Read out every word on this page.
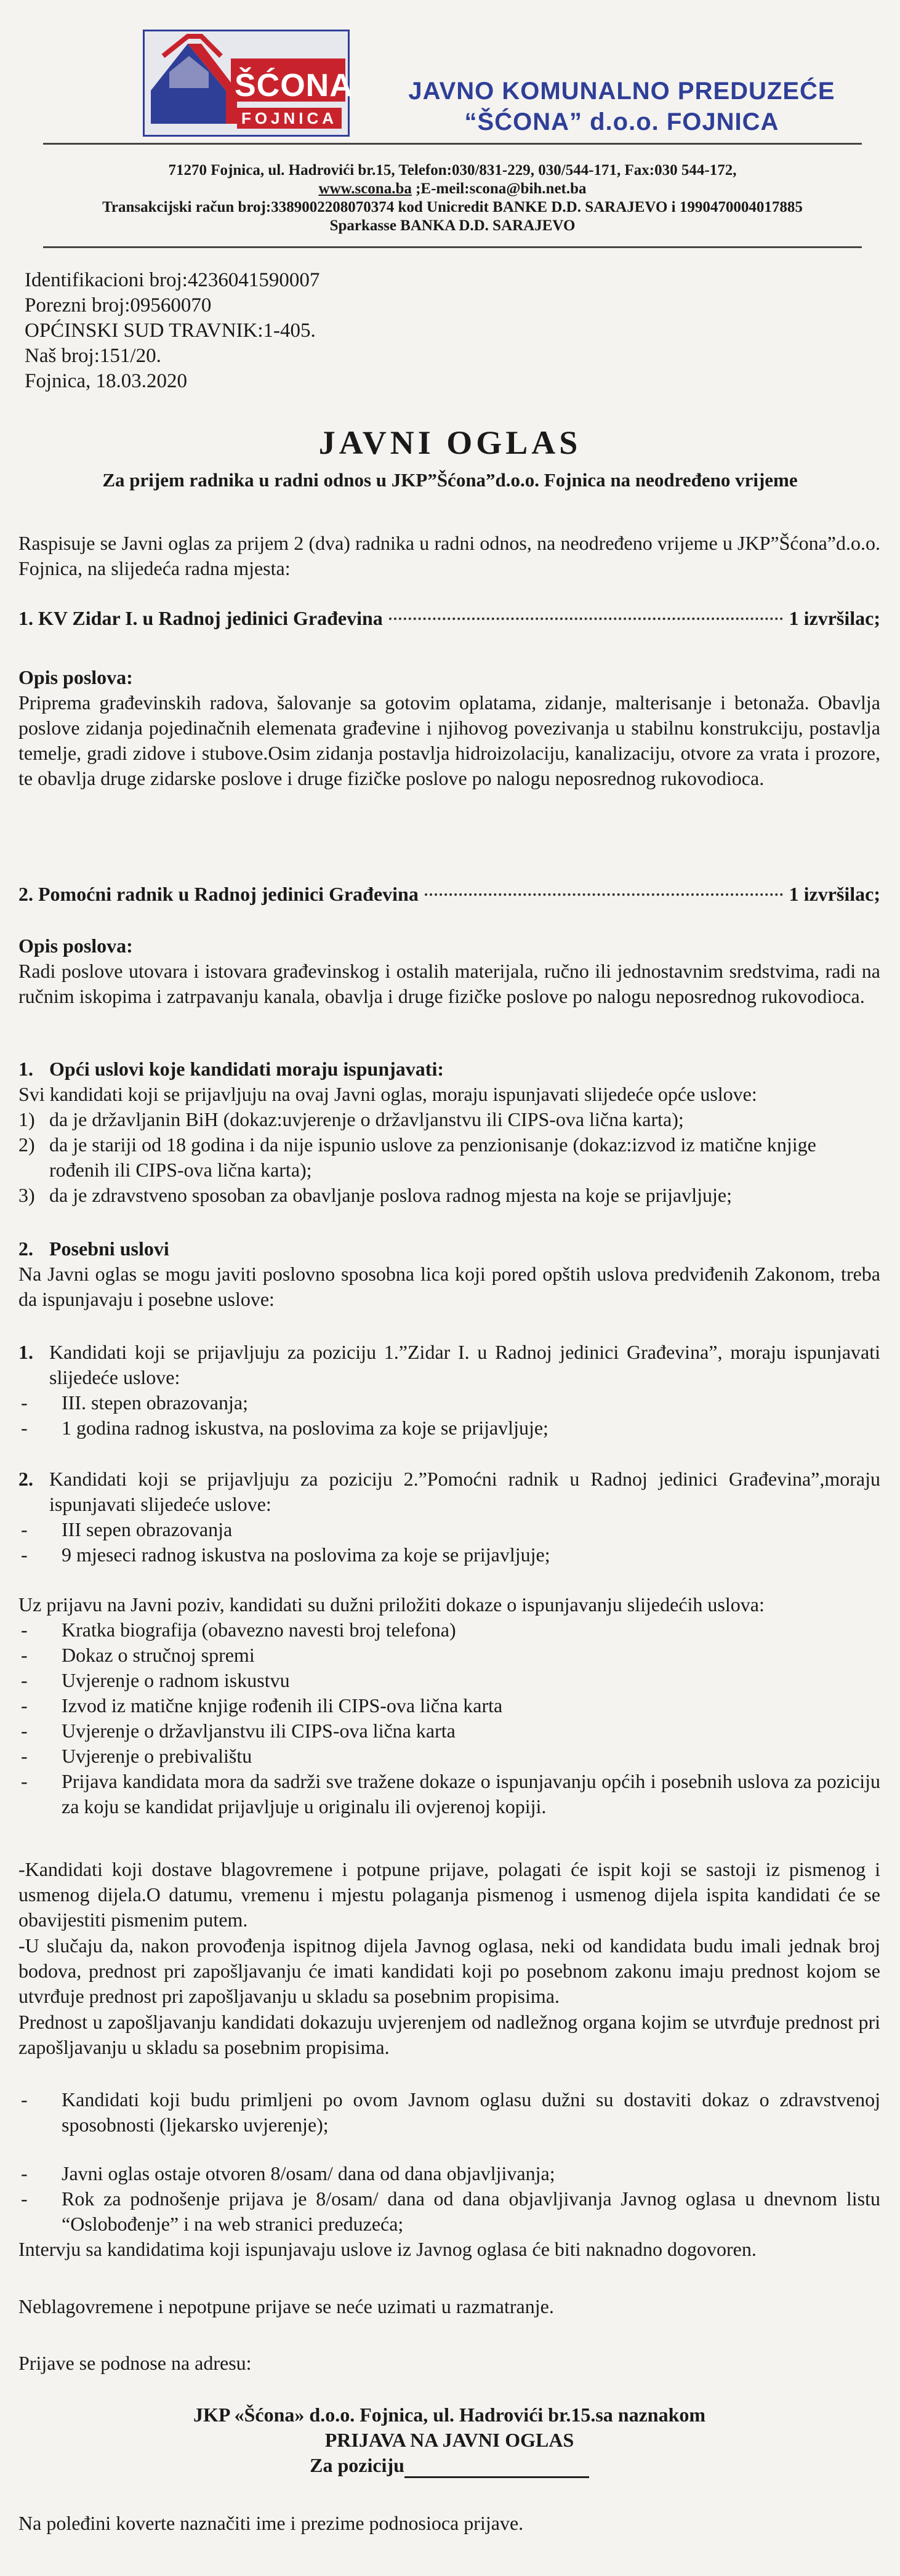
ŠĆONA
FOJNICA
JAVNO KOMUNALNO PREDUZEĆE
“ŠĆONA” d.o.o. FOJNICA
71270 Fojnica, ul. Hadrovići br.15, Telefon:030/831-229, 030/544-171, Fax:030 544-172,
www.scona.ba ;E-meil:scona@bih.net.ba
Transakcijski račun broj:3389002208070374 kod Unicredit BANKE D.D. SARAJEVO i 1990470004017885
Sparkasse BANKA D.D. SARAJEVO
Identifikacioni broj:4236041590007
Porezni broj:09560070
OPĆINSKI SUD TRAVNIK:1-405.
Naš broj:151/20.
Fojnica, 18.03.2020
JAVNI OGLAS
Za prijem radnika u radni odnos u JKP”Šćona”d.o.o. Fojnica na neodređeno vrijeme
Raspisuje se Javni oglas za prijem 2 (dva) radnika u radni odnos, na neodređeno vrijeme u JKP”Šćona”d.o.o. Fojnica, na slijedeća radna mjesta:
1. KV Zidar I. u Radnoj jedinici Građevina	1 izvršilac;
Opis poslova:
Priprema građevinskih radova, šalovanje sa gotovim oplatama, zidanje, malterisanje i betonaža. Obavlja poslove zidanja pojedinačnih elemenata građevine i njihovog povezivanja u stabilnu konstrukciju, postavlja temelje, gradi zidove i stubove.Osim zidanja postavlja hidroizolaciju, kanalizaciju, otvore za vrata i prozore, te obavlja druge zidarske poslove i druge fizičke poslove po nalogu neposrednog rukovodioca.
2. Pomoćni radnik u Radnoj jedinici Građevina	1 izvršilac;
Opis poslova:
Radi poslove utovara i istovara građevinskog i ostalih materijala, ručno ili jednostavnim sredstvima, radi na ručnim iskopima i zatrpavanju kanala, obavlja i druge fizičke poslove po nalogu neposrednog rukovodioca.
1. Opći uslovi koje kandidati moraju ispunjavati:
Svi kandidati koji se prijavljuju na ovaj Javni oglas, moraju ispunjavati slijedeće opće uslove:
1) da je državljanin BiH (dokaz:uvjerenje o državljanstvu ili CIPS-ova lična karta);
2) da je stariji od 18 godina i da nije ispunio uslove za penzionisanje (dokaz:izvod iz matične knjige rođenih ili CIPS-ova lična karta);
3) da je zdravstveno sposoban za obavljanje poslova radnog mjesta na koje se prijavljuje;
2. Posebni uslovi
Na Javni oglas se mogu javiti poslovno sposobna lica koji pored opštih uslova predviđenih Zakonom, treba da ispunjavaju i posebne uslove:
1. Kandidati koji se prijavljuju za poziciju 1.”Zidar I. u Radnoj jedinici Građevina”, moraju ispunjavati slijedeće uslove:
-	III. stepen obrazovanja;
-	1 godina radnog iskustva, na poslovima za koje se prijavljuje;
2. Kandidati koji se prijavljuju za poziciju 2.”Pomoćni radnik u Radnoj jedinici Građevina”,moraju ispunjavati slijedeće uslove:
-	III sepen obrazovanja
-	9 mjeseci radnog iskustva na poslovima za koje se prijavljuje;
Uz prijavu na Javni poziv, kandidati su dužni priložiti dokaze o ispunjavanju slijedećih uslova:
-	Kratka biografija (obavezno navesti broj telefona)
-	Dokaz o stručnoj spremi
-	Uvjerenje o radnom iskustvu
-	Izvod iz matične knjige rođenih ili CIPS-ova lična karta
-	Uvjerenje o državljanstvu ili CIPS-ova lična karta
-	Uvjerenje o prebivalištu
-	Prijava kandidata mora da sadrži sve tražene dokaze o ispunjavanju općih i posebnih uslova za poziciju za koju se kandidat prijavljuje u originalu ili ovjerenoj kopiji.
-Kandidati koji dostave blagovremene i potpune prijave, polagati će ispit koji se sastoji iz pismenog i usmenog dijela.O datumu, vremenu i mjestu polaganja pismenog i usmenog dijela ispita kandidati će se obavijestiti pismenim putem.
-U slučaju da, nakon provođenja ispitnog dijela Javnog oglasa, neki od kandidata budu imali jednak broj bodova, prednost pri zapošljavanju će imati kandidati koji po posebnom zakonu imaju prednost kojom se utvrđuje prednost pri zapošljavanju u skladu sa posebnim propisima.
Prednost u zapošljavanju kandidati dokazuju uvjerenjem od nadležnog organa kojim se utvrđuje prednost pri zapošljavanju u skladu sa posebnim propisima.
-	Kandidati koji budu primljeni po ovom Javnom oglasu dužni su dostaviti dokaz o zdravstvenoj sposobnosti (ljekarsko uvjerenje);
-	Javni oglas ostaje otvoren 8/osam/ dana od dana objavljivanja;
-	Rok za podnošenje prijava je 8/osam/ dana od dana objavljivanja Javnog oglasa u dnevnom listu “Oslobođenje” i na web stranici preduzeća;
Intervju sa kandidatima koji ispunjavaju uslove iz Javnog oglasa će biti naknadno dogovoren.
Neblagovremene i nepotpune prijave se neće uzimati u razmatranje.
Prijave se podnose na adresu:
JKP «Šćona» d.o.o. Fojnica, ul. Hadrovići br.15.sa naznakom
PRIJAVA NA JAVNI OGLAS
Za poziciju
Na poleđini koverte naznačiti ime i prezime podnosioca prijave.
